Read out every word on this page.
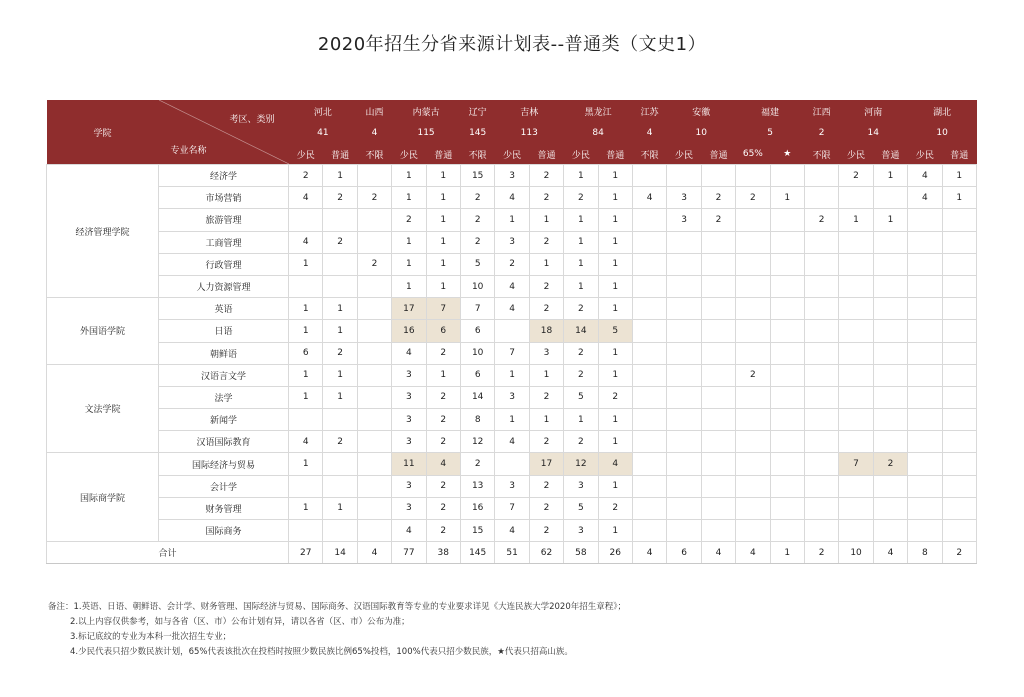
2020年招生分省来源计划表--普通类（文史1）
学院	考区、类别
专业名称	河北		山西	内蒙古		辽宁	吉林		黑龙江		江苏	安徽		福建		江西	河南		湖北	
		41		4	115		145	113		84		4	10		5		2	14		10	
		少民	普通	不限	少民	普通	不限	少民	普通	少民	普通	不限	少民	普通	65%	★	不限	少民	普通	少民	普通
经济管理学院	经济学	2	1		1	1	15	3	2	1	1							2	1	4	1
	市场营销	4	2	2	1	1	2	4	2	2	1	4	3	2	2	1				4	1
	旅游管理				2	1	2	1	1	1	1		3	2			2	1	1		
	工商管理	4	2		1	1	2	3	2	1	1										
	行政管理	1		2	1	1	5	2	1	1	1										
	人力资源管理				1	1	10	4	2	1	1										
外国语学院	英语	1	1		17	7	7	4	2	2	1										
	日语	1	1		16	6	6		18	14	5										
	朝鲜语	6	2		4	2	10	7	3	2	1										
文法学院	汉语言文学	1	1		3	1	6	1	1	2	1				2						
	法学	1	1		3	2	14	3	2	5	2										
	新闻学				3	2	8	1	1	1	1										
	汉语国际教育	4	2		3	2	12	4	2	2	1										
国际商学院	国际经济与贸易	1			11	4	2		17	12	4							7	2		
	会计学				3	2	13	3	2	3	1										
	财务管理	1	1		3	2	16	7	2	5	2										
	国际商务				4	2	15	4	2	3	1										
合计		27	14	4	77	38	145	51	62	58	26	4	6	4	4	1	2	10	4	8	2
备注：1.英语、日语、朝鲜语、会计学、财务管理、国际经济与贸易、国际商务、汉语国际教育等专业的专业要求详见《大连民族大学2020年招生章程》；
2.以上内容仅供参考，如与各省（区、市）公布计划有异，请以各省（区、市）公布为准；
3.标记底纹的专业为本科一批次招生专业；
4.少民代表只招少数民族计划，65%代表该批次在投档时按照少数民族比例65%投档，100%代表只招少数民族，★代表只招高山族。
